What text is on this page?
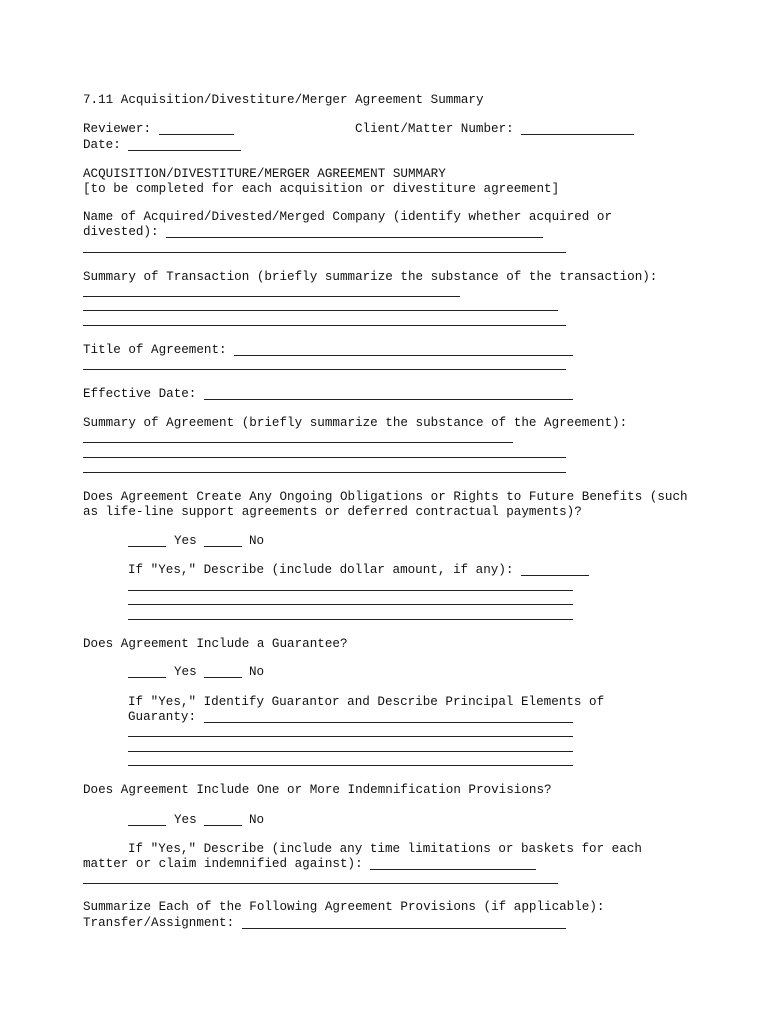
7.11 Acquisition/Divestiture/Merger Agreement Summary
Reviewer:	Client/Matter Number:
Date:
ACQUISITION/DIVESTITURE/MERGER AGREEMENT SUMMARY
[to be completed for each acquisition or divestiture agreement]
Name of Acquired/Divested/Merged Company (identify whether acquired or
divested):
Summary of Transaction (briefly summarize the substance of the transaction):
Title of Agreement:
Effective Date:
Summary of Agreement (briefly summarize the substance of the Agreement):
Does Agreement Create Any Ongoing Obligations or Rights to Future Benefits (such
as life-line support agreements or deferred contractual payments)?
Yes	No
If "Yes," Describe (include dollar amount, if any):
Does Agreement Include a Guarantee?
Yes	No
If "Yes," Identify Guarantor and Describe Principal Elements of
Guaranty:
Does Agreement Include One or More Indemnification Provisions?
Yes	No
If "Yes," Describe (include any time limitations or baskets for each
matter or claim indemnified against):
Summarize Each of the Following Agreement Provisions (if applicable):
Transfer/Assignment:
